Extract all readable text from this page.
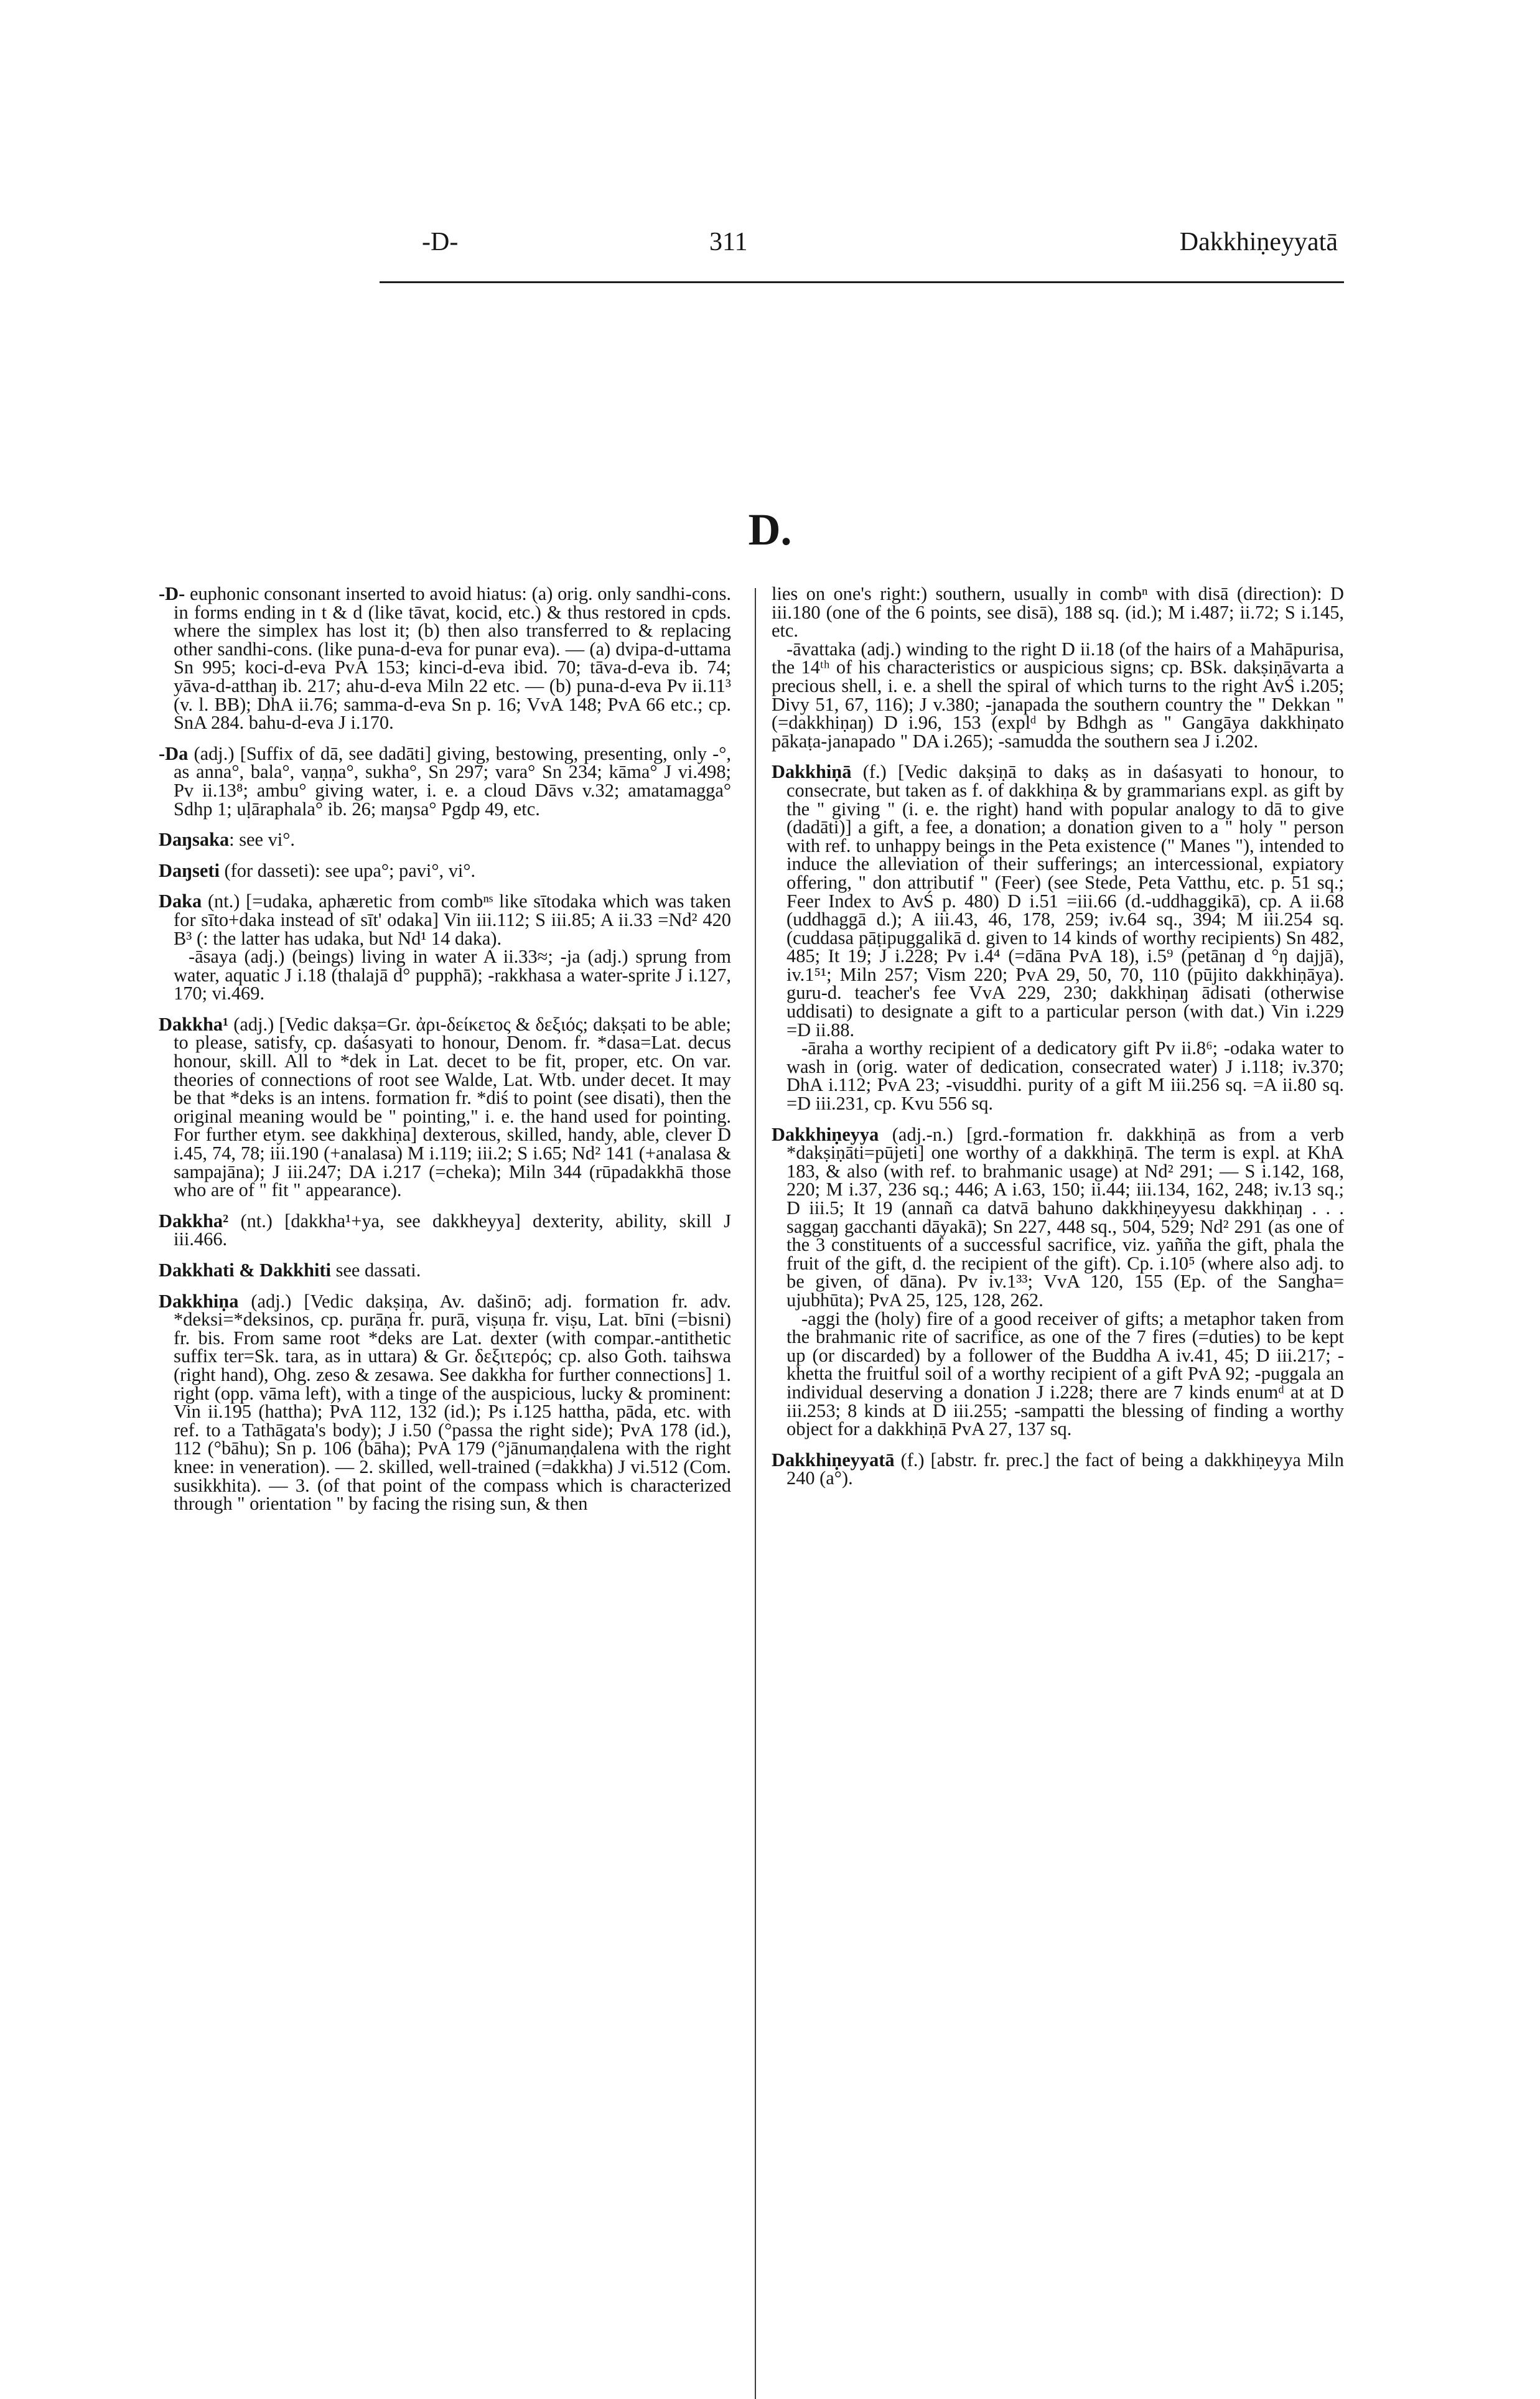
-D-	311	Dakkhiṇeyyatā
D.

-D- euphonic consonant inserted to avoid hiatus: (a) orig. only sandhi-cons. in forms ending in t & d (like tāvat, kocid, etc.) & thus restored in cpds. where the simplex has lost it; (b) then also transferred to & replacing other sandhi-cons. (like puna-d-eva for punar eva). — (a) dvipa-d-uttama Sn 995; koci-d-eva PvA 153; kinci-d-eva ibid. 70; tāva-d-eva ib. 74; yāva-d-atthaŋ ib. 217; ahu-d-eva Miln 22 etc. — (b) puna-d-eva Pv ii.11³ (v. l. BB); DhA ii.76; samma-d-eva Sn p. 16; VvA 148; PvA 66 etc.; cp. SnA 284. bahu-d-eva J i.170.

-Da (adj.) [Suffix of dā, see dadāti] giving, bestowing, presenting, only -°, as anna°, bala°, vaṇṇa°, sukha°, Sn 297; vara° Sn 234; kāma° J vi.498; Pv ii.13⁸; ambu° giving water, i. e. a cloud Dāvs v.32; amatamagga° Sdhp 1; uḷāraphala° ib. 26; maŋsa° Pgdp 49, etc.

Daŋsaka: see vi°.

Daŋseti (for dasseti): see upa°; pavi°, vi°.

Daka (nt.) [=udaka, aphæretic from combⁿˢ like sītodaka which was taken for sīto+daka instead of sīt' odaka] Vin iii.112; S iii.85; A ii.33 =Nd² 420 B³ (: the latter has udaka, but Nd¹ 14 daka).
-āsaya (adj.) (beings) living in water A ii.33≈; -ja (adj.) sprung from water, aquatic J i.18 (thalajā d° pupphā); -rakkhasa a water-sprite J i.127, 170; vi.469.

Dakkha¹ (adj.) [Vedic dakṣa=Gr. ἀρι-δείκετος & δεξιός; dakṣati to be able; to please, satisfy, cp. daśasyati to honour, Denom. fr. *dasa=Lat. decus honour, skill. All to *dek in Lat. decet to be fit, proper, etc. On var. theories of connections of root see Walde, Lat. Wtb. under decet. It may be that *deks is an intens. formation fr. *diś to point (see disati), then the original meaning would be " pointing," i. e. the hand used for pointing. For further etym. see dakkhiṇa] dexterous, skilled, handy, able, clever D i.45, 74, 78; iii.190 (+analasa) M i.119; iii.2; S i.65; Nd² 141 (+analasa & sampajāna); J iii.247; DA i.217 (=cheka); Miln 344 (rūpadakkhā those who are of " fit " appearance).

Dakkha² (nt.) [dakkha¹+ya, see dakkheyya] dexterity, ability, skill J iii.466.

Dakkhati & Dakkhiti see dassati.

Dakkhiṇa (adj.) [Vedic dakṣiṇa, Av. dašinō; adj. formation fr. adv. *deksi=*deksinos, cp. purāṇa fr. purā, viṣuṇa fr. viṣu, Lat. bīni (=bisni) fr. bis. From same root *deks are Lat. dexter (with compar.-antithetic suffix ter=Sk. tara, as in uttara) & Gr. δεξιτερός; cp. also Goth. taihswa (right hand), Ohg. zeso & zesawa. See dakkha for further connections] 1. right (opp. vāma left), with a tinge of the auspicious, lucky & prominent: Vin ii.195 (hattha); PvA 112, 132 (id.); Ps i.125 hattha, pāda, etc. with ref. to a Tathāgata's body); J i.50 (°passa the right side); PvA 178 (id.), 112 (°bāhu); Sn p. 106 (bāha); PvA 179 (°jānumaṇḍalena with the right knee: in veneration). — 2. skilled, well-trained (=dakkha) J vi.512 (Com. susikkhita). — 3. (of that point of the compass which is characterized through " orientation " by facing the rising sun, & then

lies on one's right:) southern, usually in combⁿ with disā (direction): D iii.180 (one of the 6 points, see disā), 188 sq. (id.); M i.487; ii.72; S i.145, etc.
-āvattaka (adj.) winding to the right D ii.18 (of the hairs of a Mahāpurisa, the 14ᵗʰ of his characteristics or auspicious signs; cp. BSk. dakṣiṇāvarta a precious shell, i. e. a shell the spiral of which turns to the right AvŚ i.205; Divy 51, 67, 116); J v.380; -janapada the southern country the " Dekkan " (=dakkhiṇaŋ) D i.96, 153 (explᵈ by Bdhgh as " Gangāya dakkhiṇato pākaṭa-janapado " DA i.265); -samudda the southern sea J i.202.

Dakkhiṇā (f.) [Vedic dakṣiṇā to dakṣ as in daśasyati to honour, to consecrate, but taken as f. of dakkhiṇa & by grammarians expl. as gift by the " giving " (i. e. the right) hand with popular analogy to dā to give (dadāti)] a gift, a fee, a donation; a donation given to a " holy " person with ref. to unhappy beings in the Peta existence (" Manes "), intended to induce the alleviation of their sufferings; an intercessional, expiatory offering, " don attributif " (Feer) (see Stede, Peta Vatthu, etc. p. 51 sq.; Feer Index to AvŚ p. 480) D i.51 =iii.66 (d.-uddhaggikā), cp. A ii.68 (uddhaggā d.); A iii.43, 46, 178, 259; iv.64 sq., 394; M iii.254 sq. (cuddasa pāṭipuggalikā d. given to 14 kinds of worthy recipients) Sn 482, 485; It 19; J i.228; Pv i.4⁴ (=dāna PvA 18), i.5⁹ (petānaŋ d °ŋ dajjā), iv.1⁵¹; Miln 257; Vism 220; PvA 29, 50, 70, 110 (pūjito dakkhiṇāya). guru-d. teacher's fee VvA 229, 230; dakkhiṇaŋ ādisati (otherwise uddisati) to designate a gift to a particular person (with dat.) Vin i.229 =D ii.88.
-āraha a worthy recipient of a dedicatory gift Pv ii.8⁶; -odaka water to wash in (orig. water of dedication, consecrated water) J i.118; iv.370; DhA i.112; PvA 23; -visuddhi. purity of a gift M iii.256 sq. =A ii.80 sq. =D iii.231, cp. Kvu 556 sq.

Dakkhiṇeyya (adj.-n.) [grd.-formation fr. dakkhiṇā as from a verb *dakṣiṇāti=pūjeti] one worthy of a dakkhiṇā. The term is expl. at KhA 183, & also (with ref. to brahmanic usage) at Nd² 291; — S i.142, 168, 220; M i.37, 236 sq.; 446; A i.63, 150; ii.44; iii.134, 162, 248; iv.13 sq.; D iii.5; It 19 (annañ ca datvā bahuno dakkhiṇeyyesu dakkhiṇaŋ . . . saggaŋ gacchanti dāyakā); Sn 227, 448 sq., 504, 529; Nd² 291 (as one of the 3 constituents of a successful sacrifice, viz. yañña the gift, phala the fruit of the gift, d. the recipient of the gift). Cp. i.10⁵ (where also adj. to be given, of dāna). Pv iv.1³³; VvA 120, 155 (Ep. of the Sangha= ujubhūta); PvA 25, 125, 128, 262.
-aggi the (holy) fire of a good receiver of gifts; a metaphor taken from the brahmanic rite of sacrifice, as one of the 7 fires (=duties) to be kept up (or discarded) by a follower of the Buddha A iv.41, 45; D iii.217; -khetta the fruitful soil of a worthy recipient of a gift PvA 92; -puggala an individual deserving a donation J i.228; there are 7 kinds enumᵈ at at D iii.253; 8 kinds at D iii.255; -sampatti the blessing of finding a worthy object for a dakkhiṇā PvA 27, 137 sq.

Dakkhiṇeyyatā (f.) [abstr. fr. prec.] the fact of being a dakkhiṇeyya Miln 240 (a°).
